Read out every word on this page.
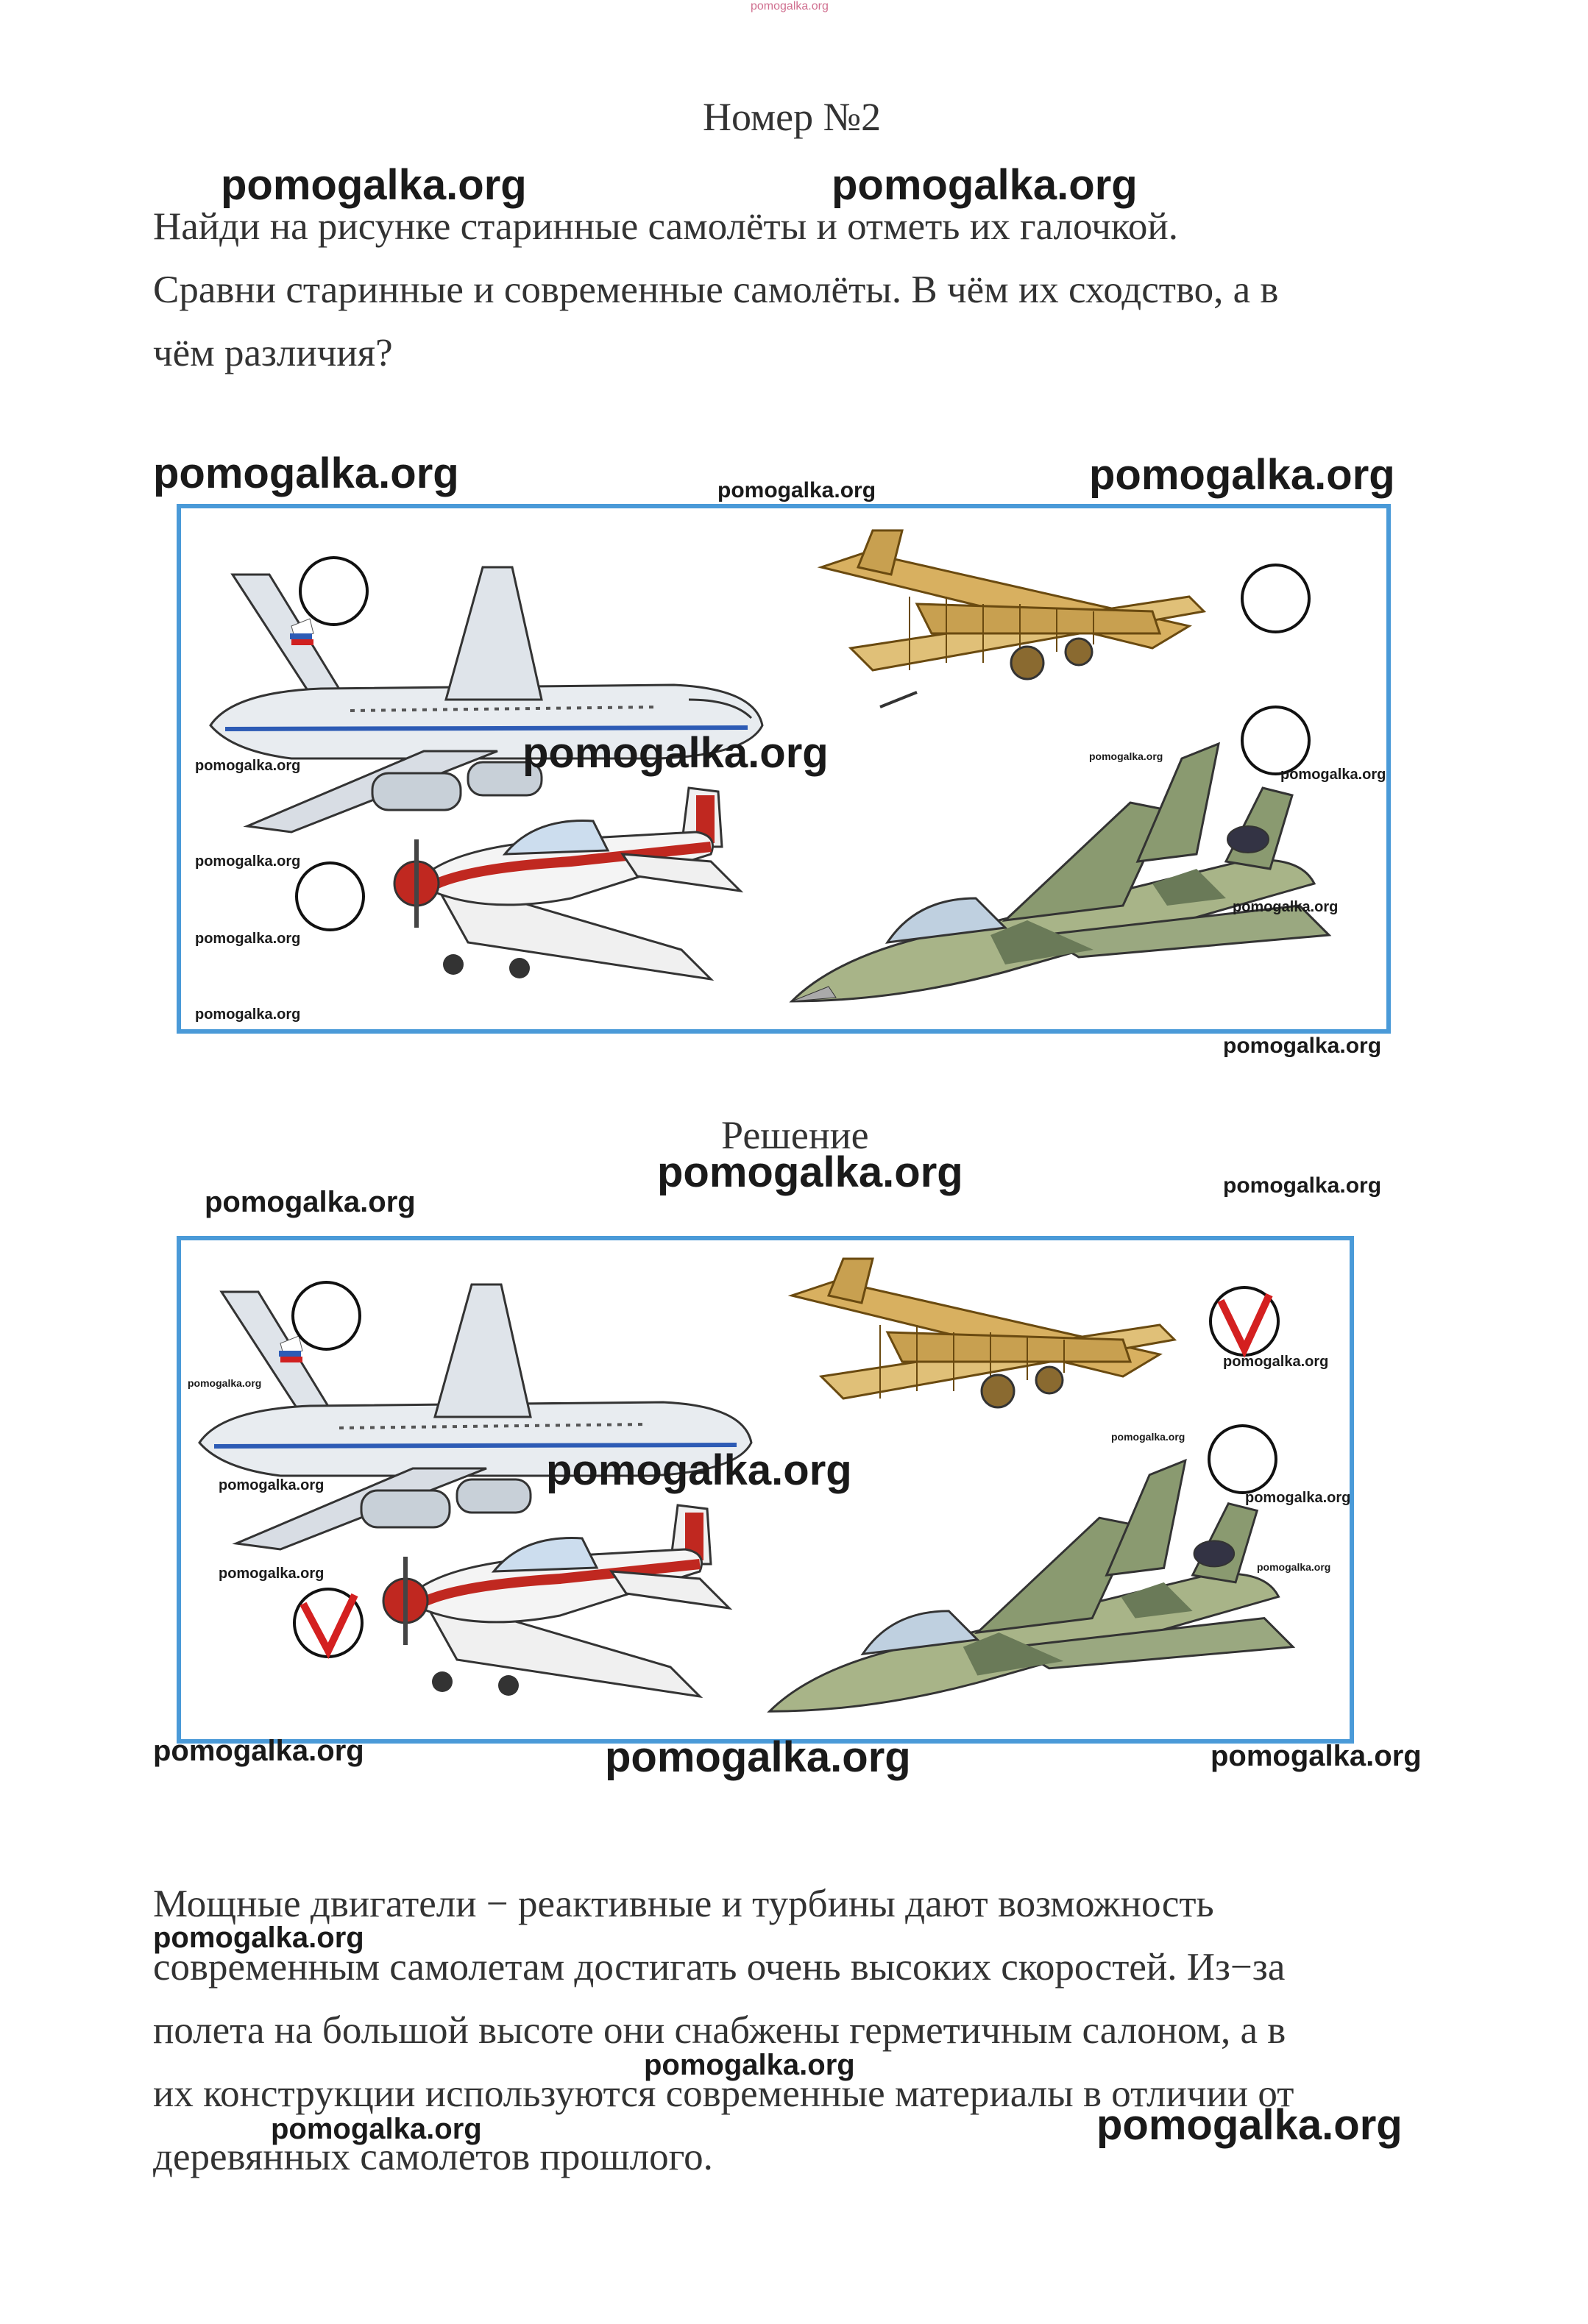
pomogalka.org
Номер №2
Найди на рисунке старинные самолёты и отметь их галочкой.
Сравни старинные и современные самолёты. В чём их сходство, а в
чём различия?
Решение
Мощные двигатели − реактивные и турбины дают возможность
современным самолетам достигать очень высоких скоростей. Из−за
полета на большой высоте они снабжены герметичным салоном, а в
их конструкции используются современные материалы в отличии от
деревянных самолетов прошлого.
pomogalka.org	pomogalka.org
pomogalka.org	pomogalka.org	pomogalka.org
pomogalka.org
pomogalka.org
pomogalka.org
pomogalka.org
pomogalka.org
pomogalka.org
pomogalka.org
pomogalka.org
pomogalka.org
pomogalka.org
pomogalka.org
pomogalka.org
pomogalka.org
pomogalka.org
pomogalka.org
pomogalka.org	pomogalka.org
pomogalka.org
pomogalka.org
pomogalka.org
pomogalka.org	pomogalka.org	pomogalka.org
pomogalka.org
pomogalka.org
pomogalka.org	pomogalka.org
